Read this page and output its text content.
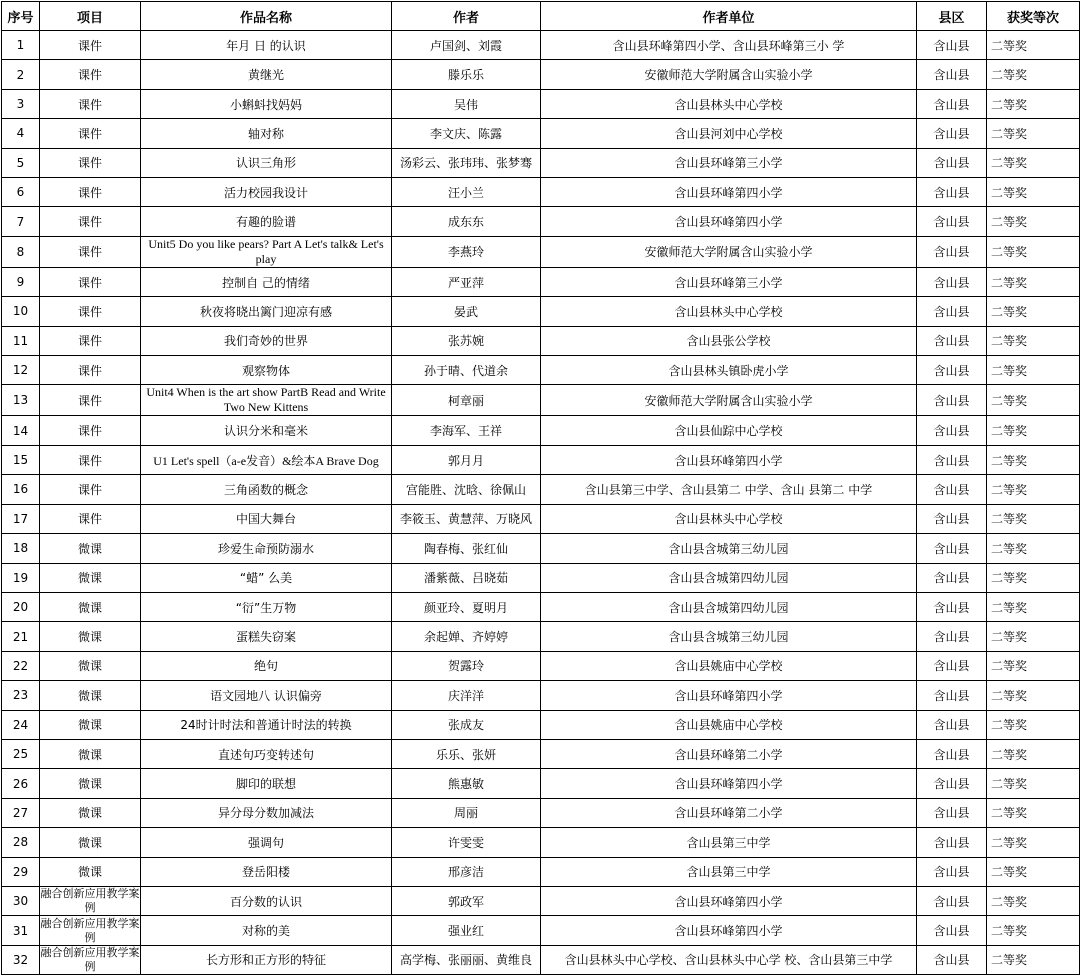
序号	项目	作品名称	作者	作者单位	县区	获奖等次
1	课件	年月 日 的认识	卢国剑、刘霞	含山县环峰第四小学、含山县环峰第三小 学	含山县	二等奖
2	课件	黄继光	滕乐乐	安徽师范大学附属含山实验小学	含山县	二等奖
3	课件	小蝌蚪找妈妈	吴伟	含山县林头中心学校	含山县	二等奖
4	课件	轴对称	李文庆、陈露	含山县河刘中心学校	含山县	二等奖
5	课件	认识三角形	汤彩云、张玮玮、张梦骞	含山县环峰第三小学	含山县	二等奖
6	课件	活力校园我设计	汪小兰	含山县环峰第四小学	含山县	二等奖
7	课件	有趣的脸谱	成东东	含山县环峰第四小学	含山县	二等奖
8	课件	Unit5 Do you like pears? Part A Let's talk& Let's play	李燕玲	安徽师范大学附属含山实验小学	含山县	二等奖
9	课件	控制自 己的情绪	严亚萍	含山县环峰第三小学	含山县	二等奖
10	课件	秋夜将晓出篱门迎凉有感	晏武	含山县林头中心学校	含山县	二等奖
11	课件	我们奇妙的世界	张苏婉	含山县张公学校	含山县	二等奖
12	课件	观察物体	孙于晴、代道余	含山县林头镇卧虎小学	含山县	二等奖
13	课件	Unit4 When is the art show PartB Read and Write Two New Kittens	柯章丽	安徽师范大学附属含山实验小学	含山县	二等奖
14	课件	认识分米和毫米	李海军、王祥	含山县仙踪中心学校	含山县	二等奖
15	课件	U1 Let's spell（a-e发音）&绘本A Brave Dog	郭月月	含山县环峰第四小学	含山县	二等奖
16	课件	三角函数的概念	宫能胜、沈晗、徐佩山	含山县第三中学、含山县第二 中学、含山 县第二 中学	含山县	二等奖
17	课件	中国大舞台	李筱玉、黄慧萍、万晓风	含山县林头中心学校	含山县	二等奖
18	微课	珍爱生命预防溺水	陶春梅、张红仙	含山县含城第三幼儿园	含山县	二等奖
19	微课	“蜡” 么美	潘紫薇、吕晓茹	含山县含城第四幼儿园	含山县	二等奖
20	微课	“衍”生万物	颜亚玲、夏明月	含山县含城第四幼儿园	含山县	二等奖
21	微课	蛋糕失窃案	余起婵、齐婷婷	含山县含城第三幼儿园	含山县	二等奖
22	微课	绝句	贺露玲	含山县姚庙中心学校	含山县	二等奖
23	微课	语文园地八 认识偏旁	庆洋洋	含山县环峰第四小学	含山县	二等奖
24	微课	24时计时法和普通计时法的转换	张成友	含山县姚庙中心学校	含山县	二等奖
25	微课	直述句巧变转述句	乐乐、张妍	含山县环峰第二小学	含山县	二等奖
26	微课	脚印的联想	熊惠敏	含山县环峰第四小学	含山县	二等奖
27	微课	异分母分数加减法	周丽	含山县环峰第二小学	含山县	二等奖
28	微课	强调句	许雯雯	含山县第三中学	含山县	二等奖
29	微课	登岳阳楼	邢彦洁	含山县第三中学	含山县	二等奖
30	融合创新应用教学案例	百分数的认识	郭政军	含山县环峰第四小学	含山县	二等奖
31	融合创新应用教学案例	对称的美	强业红	含山县环峰第四小学	含山县	二等奖
32	融合创新应用教学案例	长方形和正方形的特征	高学梅、张丽丽、黄维良	含山县林头中心学校、含山县林头中心学 校、含山县第三中学	含山县	二等奖
